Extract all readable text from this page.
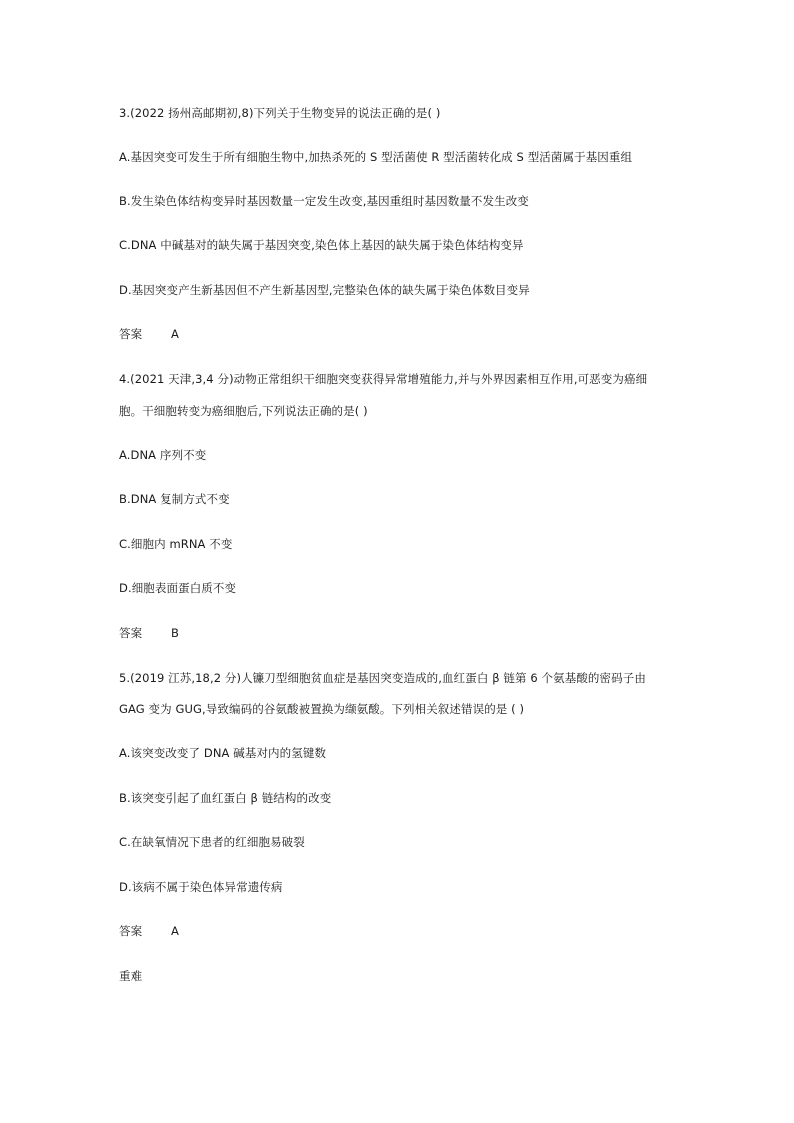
3.(2022 扬州高邮期初,8)下列关于生物变异的说法正确的是( )
A.基因突变可发生于所有细胞生物中,加热杀死的 S 型活菌使 R 型活菌转化成 S 型活菌属于基因重组
B.发生染色体结构变异时基因数量一定发生改变,基因重组时基因数量不发生改变
C.DNA 中碱基对的缺失属于基因突变,染色体上基因的缺失属于染色体结构变异
D.基因突变产生新基因但不产生新基因型,完整染色体的缺失属于染色体数目变异
答案	A
4.(2021 天津,3,4 分)动物正常组织干细胞突变获得异常增殖能力,并与外界因素相互作用,可恶变为癌细
胞。干细胞转变为癌细胞后,下列说法正确的是( )
A.DNA 序列不变
B.DNA 复制方式不变
C.细胞内 mRNA 不变
D.细胞表面蛋白质不变
答案	B
5.(2019 江苏,18,2 分)人镰刀型细胞贫血症是基因突变造成的,血红蛋白 β 链第 6 个氨基酸的密码子由
GAG 变为 GUG,导致编码的谷氨酸被置换为缬氨酸。下列相关叙述错误的是 ( )
A.该突变改变了 DNA 碱基对内的氢键数
B.该突变引起了血红蛋白 β 链结构的改变
C.在缺氧情况下患者的红细胞易破裂
D.该病不属于染色体异常遗传病
答案	A
重难
